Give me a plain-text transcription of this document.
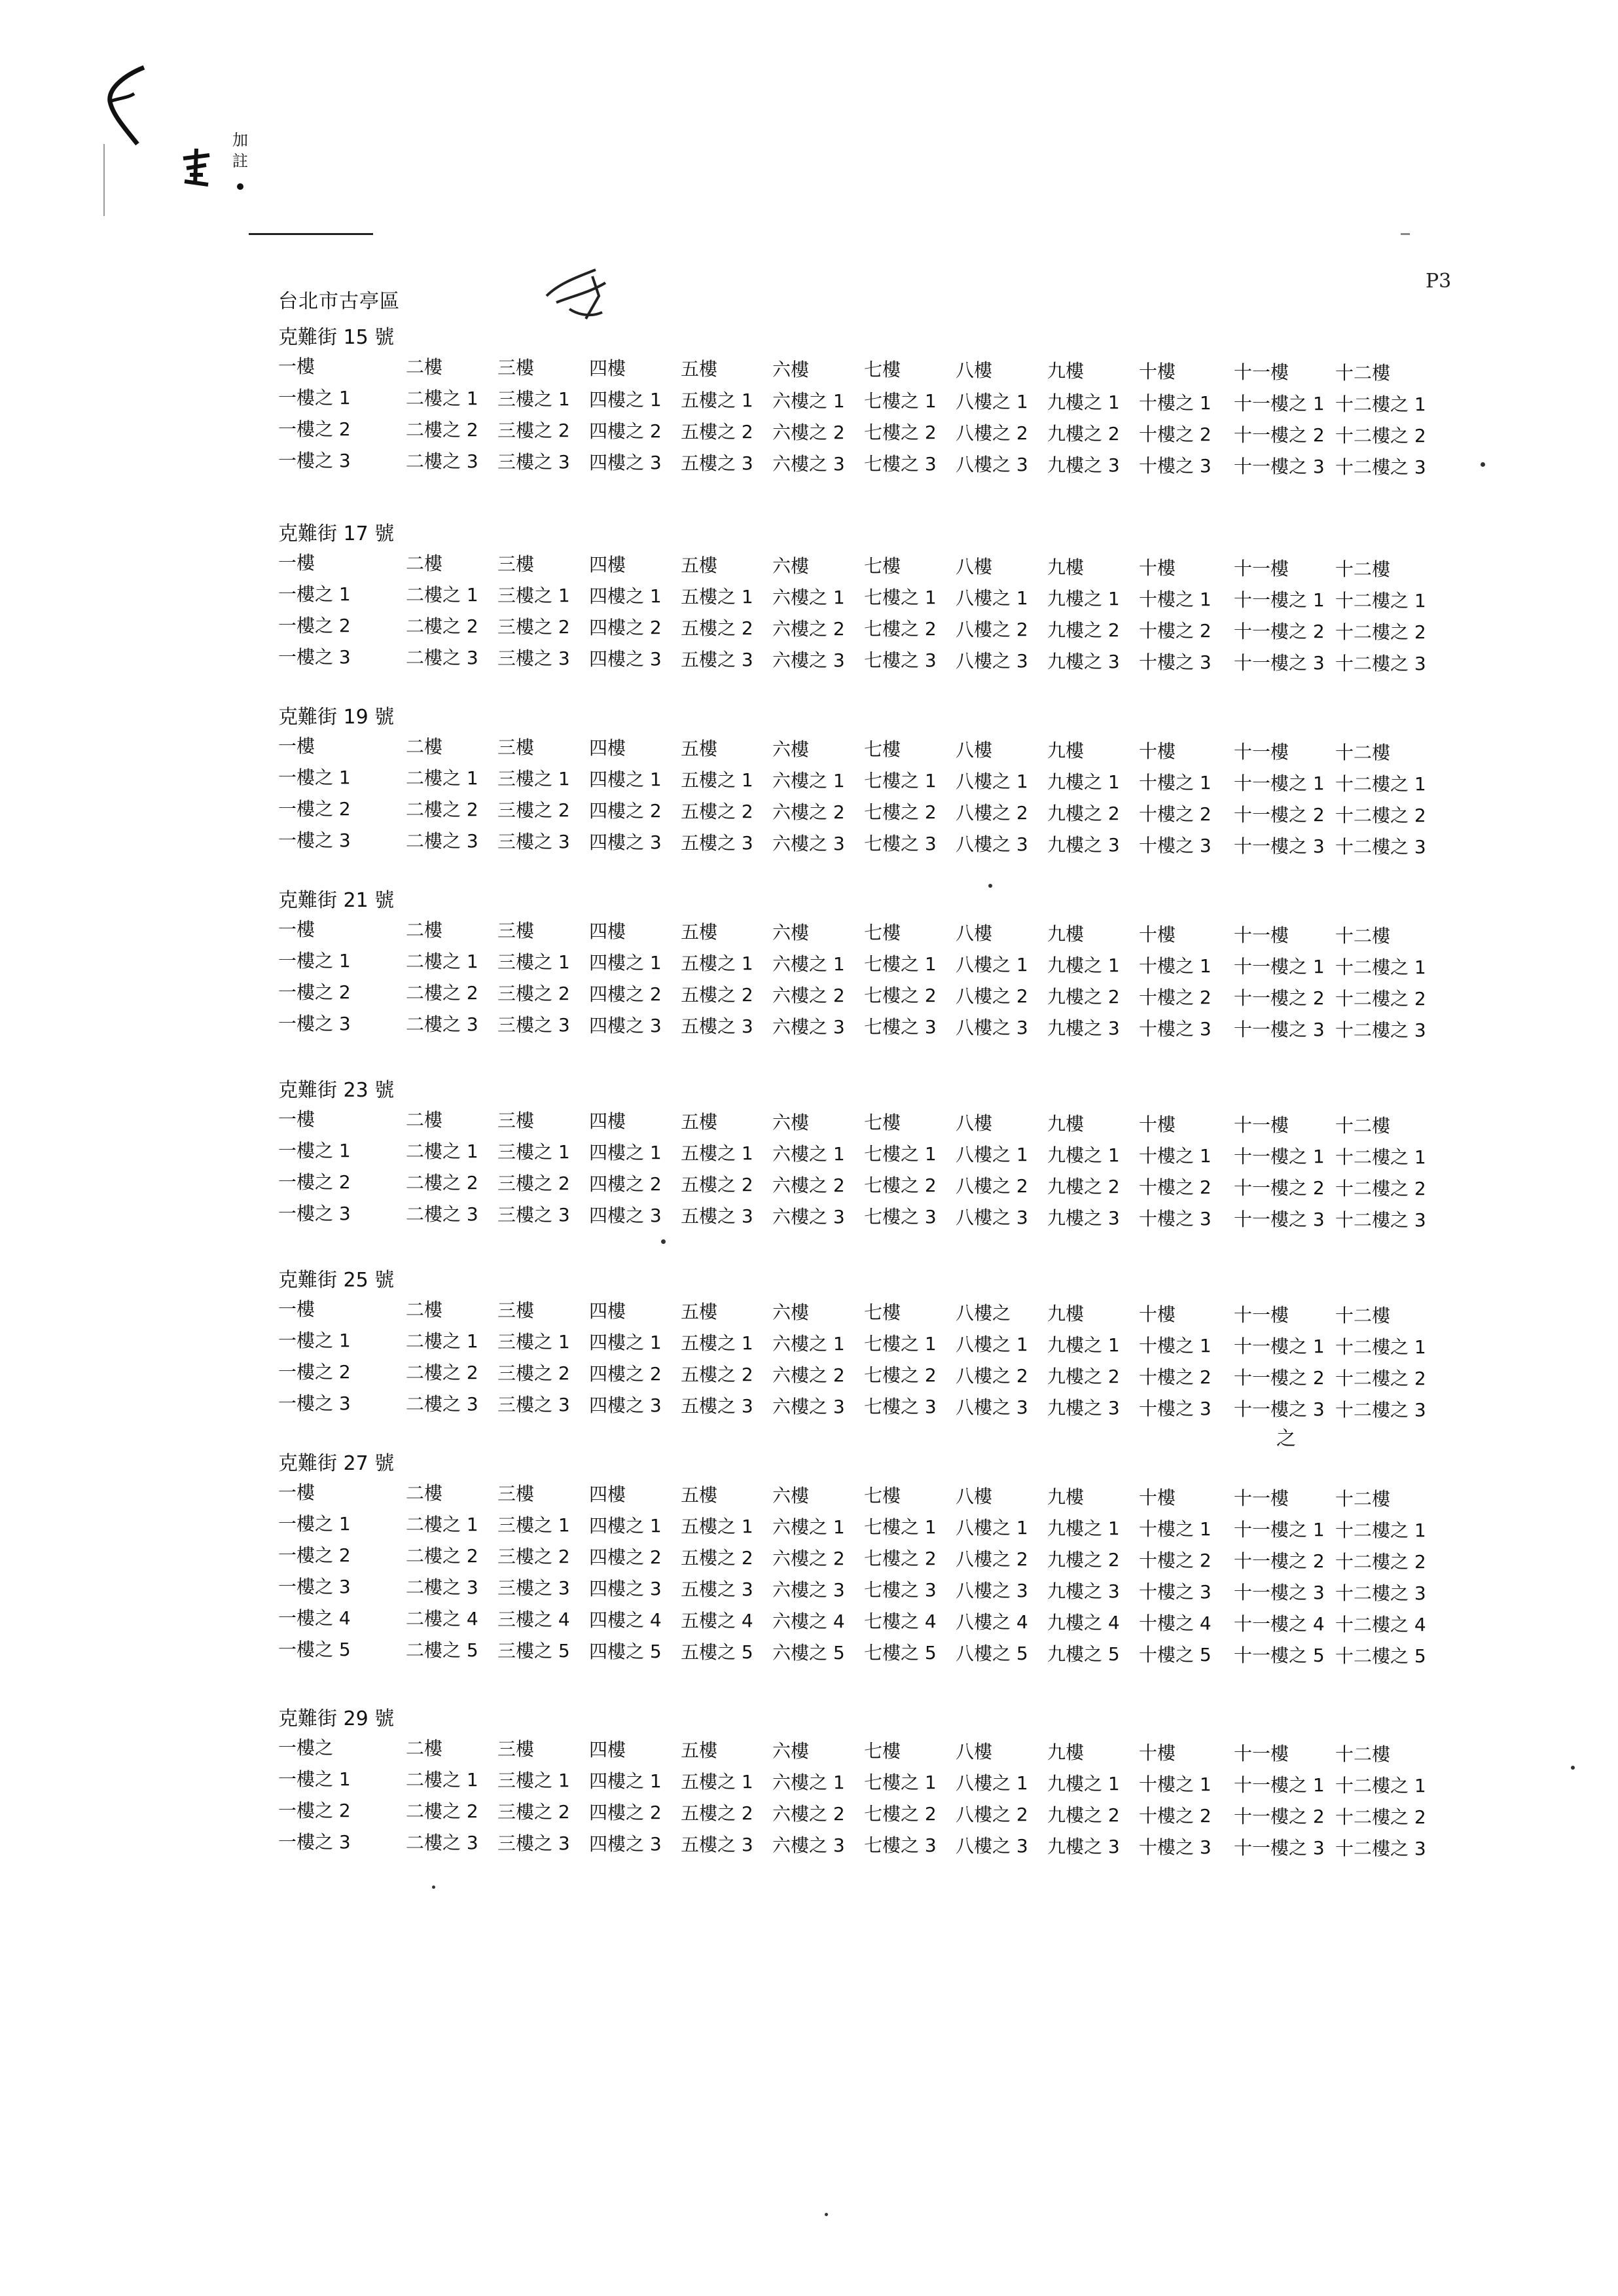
加註
P3
台北市古亭區
克難街 15 號
一樓	二樓	三樓	四樓	五樓	六樓	七樓	八樓	九樓	十樓	十一樓	十二樓
一樓之 1	二樓之 1 三樓之 1 四樓之 1 五樓之 1 六樓之 1 七樓之 1 八樓之 1 九樓之 1 十樓之 1 十一樓之 1 十二樓之 1
一樓之 2	二樓之 2 三樓之 2 四樓之 2 五樓之 2 六樓之 2 七樓之 2 八樓之 2 九樓之 2 十樓之 2 十一樓之 2 十二樓之 2
一樓之 3	二樓之 3 三樓之 3 四樓之 3 五樓之 3 六樓之 3 七樓之 3 八樓之 3 九樓之 3 十樓之 3 十一樓之 3 十二樓之 3
克難街 17 號
一樓	二樓	三樓	四樓	五樓	六樓	七樓	八樓	九樓	十樓	十一樓	十二樓
一樓之 1	二樓之 1 三樓之 1 四樓之 1 五樓之 1 六樓之 1 七樓之 1 八樓之 1 九樓之 1 十樓之 1 十一樓之 1 十二樓之 1
一樓之 2	二樓之 2 三樓之 2 四樓之 2 五樓之 2 六樓之 2 七樓之 2 八樓之 2 九樓之 2 十樓之 2 十一樓之 2 十二樓之 2
一樓之 3	二樓之 3 三樓之 3 四樓之 3 五樓之 3 六樓之 3 七樓之 3 八樓之 3 九樓之 3 十樓之 3 十一樓之 3 十二樓之 3
克難街 19 號
一樓	二樓	三樓	四樓	五樓	六樓	七樓	八樓	九樓	十樓	十一樓	十二樓
一樓之 1	二樓之 1 三樓之 1 四樓之 1 五樓之 1 六樓之 1 七樓之 1 八樓之 1 九樓之 1 十樓之 1 十一樓之 1 十二樓之 1
一樓之 2	二樓之 2 三樓之 2 四樓之 2 五樓之 2 六樓之 2 七樓之 2 八樓之 2 九樓之 2 十樓之 2 十一樓之 2 十二樓之 2
一樓之 3	二樓之 3 三樓之 3 四樓之 3 五樓之 3 六樓之 3 七樓之 3 八樓之 3 九樓之 3 十樓之 3 十一樓之 3 十二樓之 3
克難街 21 號
一樓	二樓	三樓	四樓	五樓	六樓	七樓	八樓	九樓	十樓	十一樓	十二樓
一樓之 1	二樓之 1 三樓之 1 四樓之 1 五樓之 1 六樓之 1 七樓之 1 八樓之 1 九樓之 1 十樓之 1 十一樓之 1 十二樓之 1
一樓之 2	二樓之 2 三樓之 2 四樓之 2 五樓之 2 六樓之 2 七樓之 2 八樓之 2 九樓之 2 十樓之 2 十一樓之 2 十二樓之 2
一樓之 3	二樓之 3 三樓之 3 四樓之 3 五樓之 3 六樓之 3 七樓之 3 八樓之 3 九樓之 3 十樓之 3 十一樓之 3 十二樓之 3
克難街 23 號
一樓	二樓	三樓	四樓	五樓	六樓	七樓	八樓	九樓	十樓	十一樓	十二樓
一樓之 1	二樓之 1 三樓之 1 四樓之 1 五樓之 1 六樓之 1 七樓之 1 八樓之 1 九樓之 1 十樓之 1 十一樓之 1 十二樓之 1
一樓之 2	二樓之 2 三樓之 2 四樓之 2 五樓之 2 六樓之 2 七樓之 2 八樓之 2 九樓之 2 十樓之 2 十一樓之 2 十二樓之 2
一樓之 3	二樓之 3 三樓之 3 四樓之 3 五樓之 3 六樓之 3 七樓之 3 八樓之 3 九樓之 3 十樓之 3 十一樓之 3 十二樓之 3
克難街 25 號
一樓	二樓	三樓	四樓	五樓	六樓	七樓	八樓之 九樓	十樓	十一樓	十二樓
一樓之 1	二樓之 1 三樓之 1 四樓之 1 五樓之 1 六樓之 1 七樓之 1 八樓之 1 九樓之 1 十樓之 1 十一樓之 1 十二樓之 1
一樓之 2	二樓之 2 三樓之 2 四樓之 2 五樓之 2 六樓之 2 七樓之 2 八樓之 2 九樓之 2 十樓之 2 十一樓之 2 十二樓之 2
一樓之 3	二樓之 3 三樓之 3 四樓之 3 五樓之 3 六樓之 3 七樓之 3 八樓之 3 九樓之 3 十樓之 3 十一樓之 3 十二樓之 3
之
克難街 27 號
一樓	二樓	三樓	四樓	五樓	六樓	七樓	八樓	九樓	十樓	十一樓	十二樓
一樓之 1	二樓之 1 三樓之 1 四樓之 1 五樓之 1 六樓之 1 七樓之 1 八樓之 1 九樓之 1 十樓之 1 十一樓之 1 十二樓之 1
一樓之 2	二樓之 2 三樓之 2 四樓之 2 五樓之 2 六樓之 2 七樓之 2 八樓之 2 九樓之 2 十樓之 2 十一樓之 2 十二樓之 2
一樓之 3	二樓之 3 三樓之 3 四樓之 3 五樓之 3 六樓之 3 七樓之 3 八樓之 3 九樓之 3 十樓之 3 十一樓之 3 十二樓之 3
一樓之 4	二樓之 4 三樓之 4 四樓之 4 五樓之 4 六樓之 4 七樓之 4 八樓之 4 九樓之 4 十樓之 4 十一樓之 4 十二樓之 4
一樓之 5	二樓之 5 三樓之 5 四樓之 5 五樓之 5 六樓之 5 七樓之 5 八樓之 5 九樓之 5 十樓之 5 十一樓之 5 十二樓之 5
克難街 29 號
一樓之	二樓	三樓	四樓	五樓	六樓	七樓	八樓	九樓	十樓	十一樓	十二樓
一樓之 1	二樓之 1 三樓之 1 四樓之 1 五樓之 1 六樓之 1 七樓之 1 八樓之 1 九樓之 1 十樓之 1 十一樓之 1 十二樓之 1
一樓之 2	二樓之 2 三樓之 2 四樓之 2 五樓之 2 六樓之 2 七樓之 2 八樓之 2 九樓之 2 十樓之 2 十一樓之 2 十二樓之 2
一樓之 3	二樓之 3 三樓之 3 四樓之 3 五樓之 3 六樓之 3 七樓之 3 八樓之 3 九樓之 3 十樓之 3 十一樓之 3 十二樓之 3
